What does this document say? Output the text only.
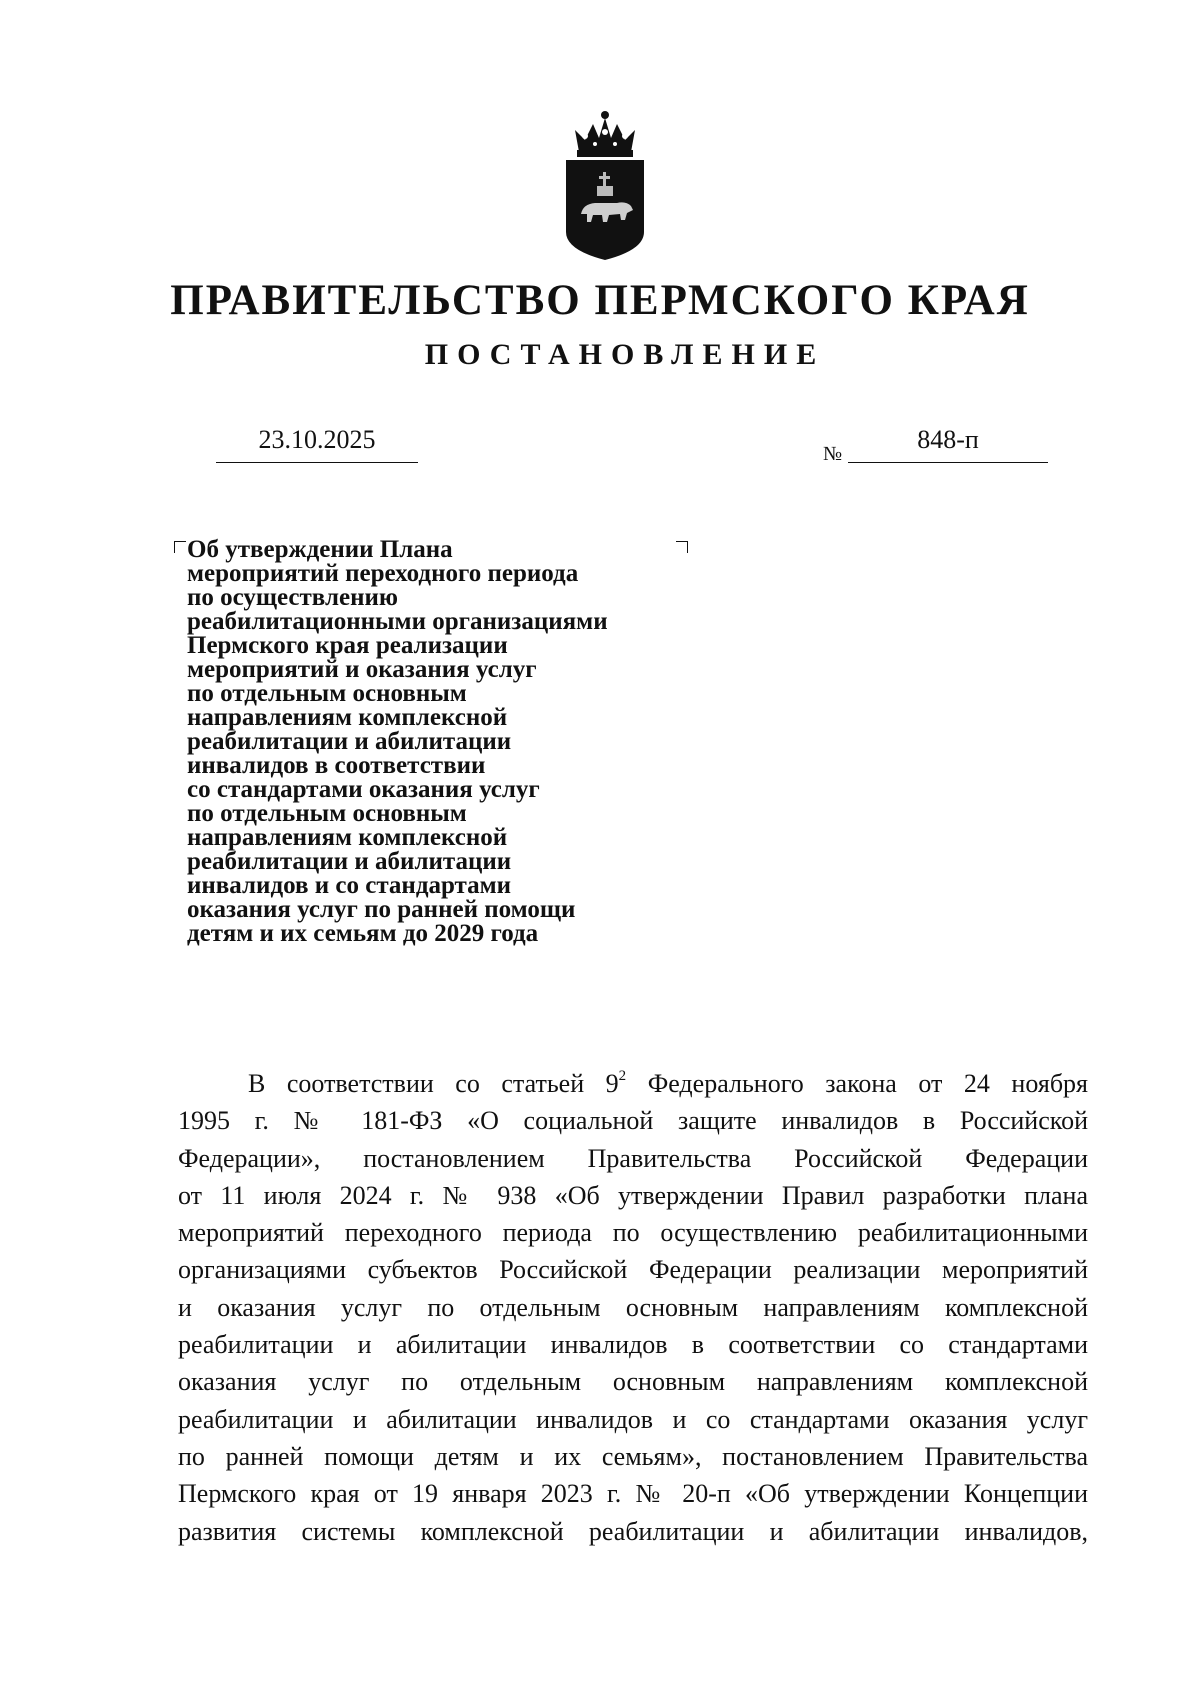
ПРАВИТЕЛЬСТВО ПЕРМСКОГО КРАЯ
ПОСТАНОВЛЕНИЕ
23.10.2025	№	848-п
Об утверждении Плана
мероприятий переходного периода
по осуществлению
реабилитационными организациями
Пермского края реализации
мероприятий и оказания услуг
по отдельным основным
направлениям комплексной
реабилитации и абилитации
инвалидов в соответствии
со стандартами оказания услуг
по отдельным основным
направлениям комплексной
реабилитации и абилитации
инвалидов и со стандартами
оказания услуг по ранней помощи
детям и их семьям до 2029 года
В соответствии со статьей $9^2$ Федерального закона от 24 ноября
1995 г. № 181-ФЗ «О социальной защите инвалидов в Российской
Федерации», постановлением Правительства Российской Федерации
от 11 июля 2024 г. № 938 «Об утверждении Правил разработки плана
мероприятий переходного периода по осуществлению реабилитационными
организациями субъектов Российской Федерации реализации мероприятий
и оказания услуг по отдельным основным направлениям комплексной
реабилитации и абилитации инвалидов в соответствии со стандартами
оказания услуг по отдельным основным направлениям комплексной
реабилитации и абилитации инвалидов и со стандартами оказания услуг
по ранней помощи детям и их семьям», постановлением Правительства
Пермского края от 19 января 2023 г. № 20-п «Об утверждении Концепции
развития системы комплексной реабилитации и абилитации инвалидов,
